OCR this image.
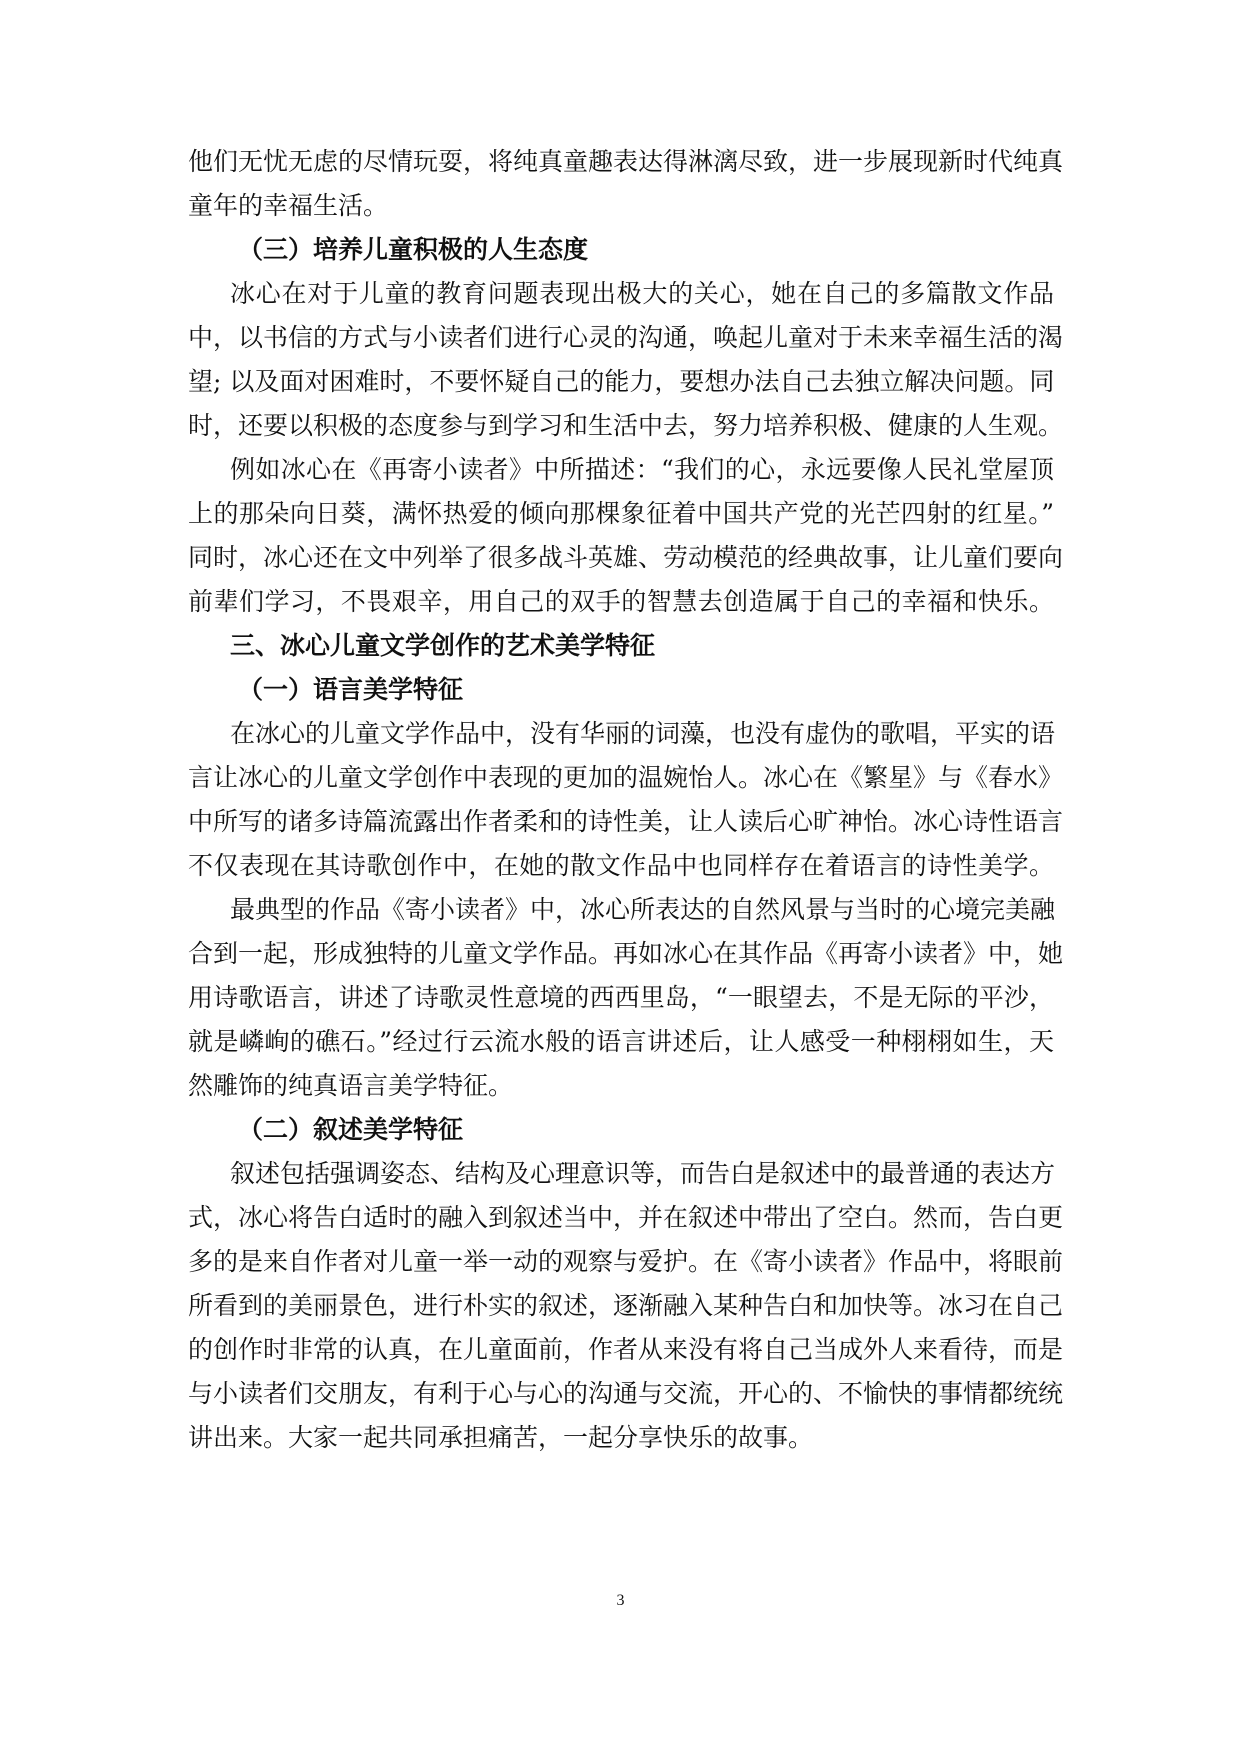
他们无忧无虑的尽情玩耍，将纯真童趣表达得淋漓尽致，进一步展现新时代纯真
童年的幸福生活。
（三）培养儿童积极的人生态度
冰心在对于儿童的教育问题表现出极大的关心，她在自己的多篇散文作品
中，以书信的方式与小读者们进行心灵的沟通，唤起儿童对于未来幸福生活的渴
望; 以及面对困难时，不要怀疑自己的能力，要想办法自己去独立解决问题。同
时，还要以积极的态度参与到学习和生活中去，努力培养积极、健康的人生观。
例如冰心在《再寄小读者》中所描述：“我们的心，永远要像人民礼堂屋顶
上的那朵向日葵，满怀热爱的倾向那棵象征着中国共产党的光芒四射的红星。”
同时，冰心还在文中列举了很多战斗英雄、劳动模范的经典故事，让儿童们要向
前辈们学习，不畏艰辛，用自己的双手的智慧去创造属于自己的幸福和快乐。
三、冰心儿童文学创作的艺术美学特征
（一）语言美学特征
在冰心的儿童文学作品中，没有华丽的词藻，也没有虚伪的歌唱，平实的语
言让冰心的儿童文学创作中表现的更加的温婉怡人。冰心在《繁星》与《春水》
中所写的诸多诗篇流露出作者柔和的诗性美，让人读后心旷神怡。冰心诗性语言
不仅表现在其诗歌创作中，在她的散文作品中也同样存在着语言的诗性美学。
最典型的作品《寄小读者》中，冰心所表达的自然风景与当时的心境完美融
合到一起，形成独特的儿童文学作品。再如冰心在其作品《再寄小读者》中，她
用诗歌语言，讲述了诗歌灵性意境的西西里岛，“一眼望去，不是无际的平沙，
就是嶙峋的礁石。”经过行云流水般的语言讲述后，让人感受一种栩栩如生，天
然雕饰的纯真语言美学特征。
（二）叙述美学特征
叙述包括强调姿态、结构及心理意识等，而告白是叙述中的最普通的表达方
式，冰心将告白适时的融入到叙述当中，并在叙述中带出了空白。然而，告白更
多的是来自作者对儿童一举一动的观察与爱护。在《寄小读者》作品中，将眼前
所看到的美丽景色，进行朴实的叙述，逐渐融入某种告白和加快等。冰习在自己
的创作时非常的认真，在儿童面前，作者从来没有将自己当成外人来看待，而是
与小读者们交朋友，有利于心与心的沟通与交流，开心的、不愉快的事情都统统
讲出来。大家一起共同承担痛苦，一起分享快乐的故事。
3
